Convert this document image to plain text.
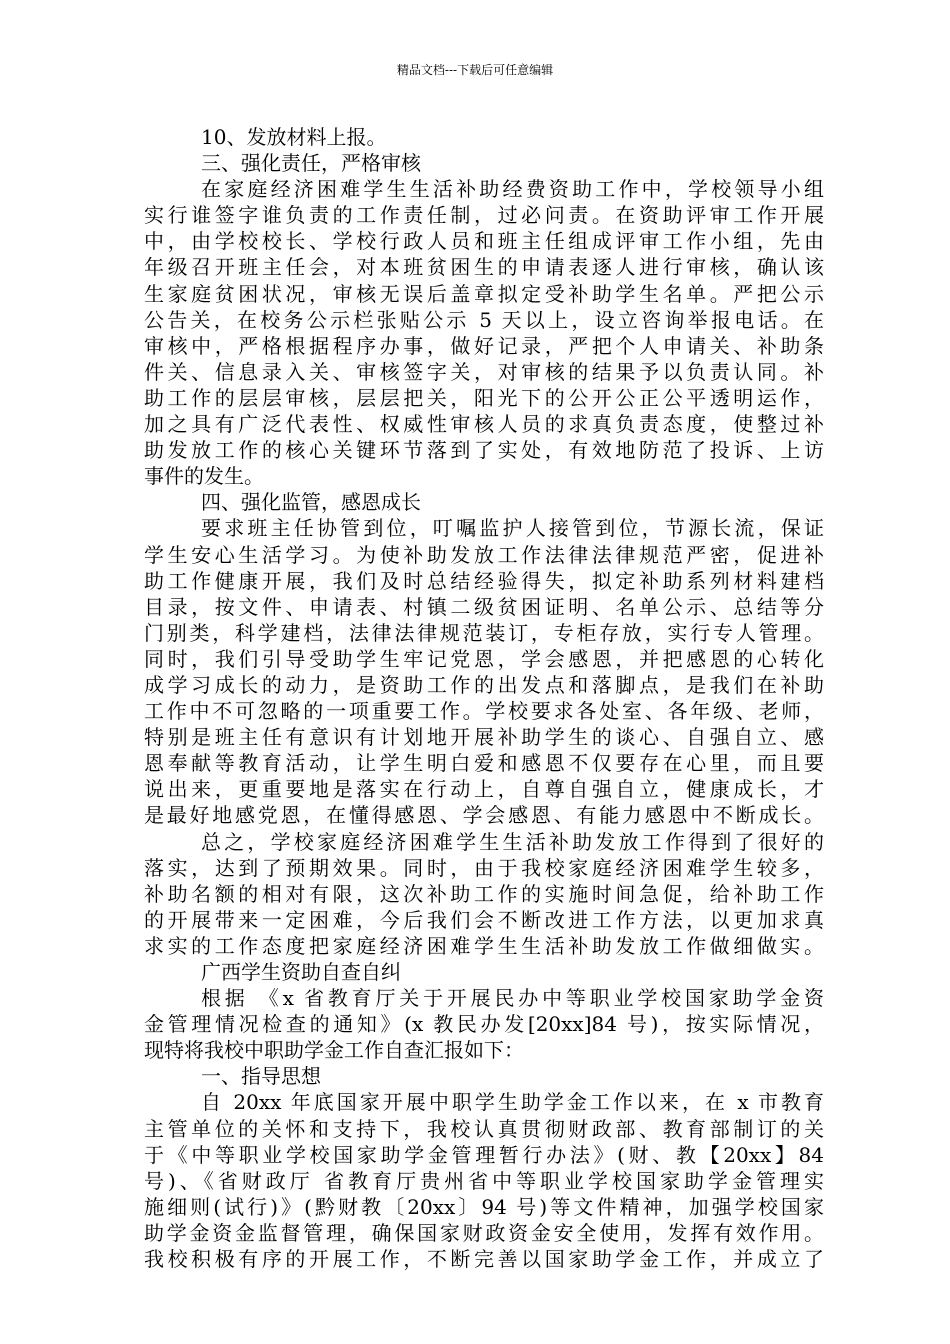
精品文档---下载后可任意编辑
10、发放材料上报。
三、强化责任，严格审核
在家庭经济困难学生生活补助经费资助工作中，学校领导小组
实行谁签字谁负责的工作责任制，过必问责。在资助评审工作开展
中，由学校校长、学校行政人员和班主任组成评审工作小组，先由
年级召开班主任会，对本班贫困生的申请表逐人进行审核，确认该
生家庭贫困状况，审核无误后盖章拟定受补助学生名单。严把公示
公告关，在校务公示栏张贴公示 5 天以上，设立咨询举报电话。在
审核中，严格根据程序办事，做好记录，严把个人申请关、补助条
件关、信息录入关、审核签字关，对审核的结果予以负责认同。补
助工作的层层审核，层层把关，阳光下的公开公正公平透明运作，
加之具有广泛代表性、权威性审核人员的求真负责态度，使整过补
助发放工作的核心关键环节落到了实处，有效地防范了投诉、上访
事件的发生。
四、强化监管，感恩成长
要求班主任协管到位，叮嘱监护人接管到位，节源长流，保证
学生安心生活学习。为使补助发放工作法律法律规范严密，促进补
助工作健康开展，我们及时总结经验得失，拟定补助系列材料建档
目录，按文件、申请表、村镇二级贫困证明、名单公示、总结等分
门别类，科学建档，法律法律规范装订，专柜存放，实行专人管理。
同时，我们引导受助学生牢记党恩，学会感恩，并把感恩的心转化
成学习成长的动力，是资助工作的出发点和落脚点，是我们在补助
工作中不可忽略的一项重要工作。学校要求各处室、各年级、老师，
特别是班主任有意识有计划地开展补助学生的谈心、自强自立、感
恩奉献等教育活动，让学生明白爱和感恩不仅要存在心里，而且要
说出来，更重要地是落实在行动上，自尊自强自立，健康成长，才
是最好地感党恩，在懂得感恩、学会感恩、有能力感恩中不断成长。
总之，学校家庭经济困难学生生活补助发放工作得到了很好的
落实，达到了预期效果。同时，由于我校家庭经济困难学生较多，
补助名额的相对有限，这次补助工作的实施时间急促，给补助工作
的开展带来一定困难，今后我们会不断改进工作方法，以更加求真
求实的工作态度把家庭经济困难学生生活补助发放工作做细做实。
广西学生资助自查自纠
根据 《x 省教育厅关于开展民办中等职业学校国家助学金资
金管理情况检查的通知》(x 教民办发[20xx]84 号)，按实际情况，
现特将我校中职助学金工作自查汇报如下：
一、指导思想
自 20xx 年底国家开展中职学生助学金工作以来，在 x 市教育
主管单位的关怀和支持下，我校认真贯彻财政部、教育部制订的关
于《中等职业学校国家助学金管理暂行办法》(财、教【20xx】84
号)、《省财政厅 省教育厅贵州省中等职业学校国家助学金管理实
施细则(试行)》(黔财教〔20xx〕94 号)等文件精神，加强学校国家
助学金资金监督管理，确保国家财政资金安全使用，发挥有效作用。
我校积极有序的开展工作，不断完善以国家助学金工作，并成立了
